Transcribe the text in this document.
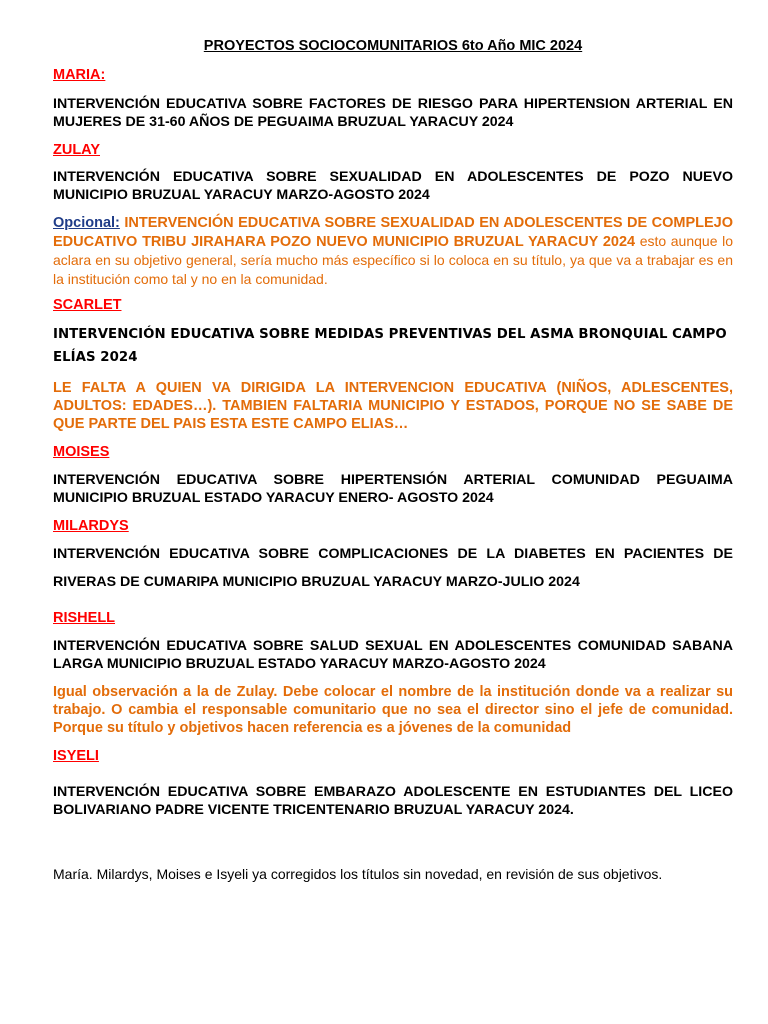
PROYECTOS SOCIOCOMUNITARIOS 6to Año MIC 2024

MARIA:

INTERVENCIÓN EDUCATIVA SOBRE FACTORES DE RIESGO PARA HIPERTENSION ARTERIAL EN MUJERES DE 31-60 AÑOS DE PEGUAIMA BRUZUAL YARACUY 2024

ZULAY

INTERVENCIÓN EDUCATIVA SOBRE SEXUALIDAD EN ADOLESCENTES DE POZO NUEVO MUNICIPIO BRUZUAL YARACUY MARZO-AGOSTO 2024

Opcional: INTERVENCIÓN EDUCATIVA SOBRE SEXUALIDAD EN ADOLESCENTES DE COMPLEJO EDUCATIVO TRIBU JIRAHARA POZO NUEVO MUNICIPIO BRUZUAL YARACUY 2024 esto aunque lo aclara en su objetivo general, sería mucho más específico si lo coloca en su título, ya que va a trabajar es en la institución como tal y no en la comunidad.

SCARLET

INTERVENCIÓN EDUCATIVA SOBRE MEDIDAS PREVENTIVAS DEL ASMA BRONQUIAL CAMPO ELÍAS 2024

LE FALTA A QUIEN VA DIRIGIDA LA INTERVENCION EDUCATIVA (NIÑOS, ADLESCENTES, ADULTOS: EDADES…). TAMBIEN FALTARIA MUNICIPIO Y ESTADOS, PORQUE NO SE SABE DE QUE PARTE DEL PAIS ESTA ESTE CAMPO ELIAS…

MOISES

INTERVENCIÓN EDUCATIVA SOBRE HIPERTENSIÓN ARTERIAL COMUNIDAD PEGUAIMA MUNICIPIO BRUZUAL ESTADO YARACUY ENERO- AGOSTO 2024

MILARDYS

INTERVENCIÓN EDUCATIVA SOBRE COMPLICACIONES DE LA DIABETES EN PACIENTES DE RIVERAS DE CUMARIPA MUNICIPIO BRUZUAL YARACUY MARZO-JULIO 2024

RISHELL

INTERVENCIÓN EDUCATIVA SOBRE SALUD SEXUAL EN ADOLESCENTES COMUNIDAD SABANA LARGA MUNICIPIO BRUZUAL ESTADO YARACUY MARZO-AGOSTO 2024

Igual observación a la de Zulay. Debe colocar el nombre de la institución donde va a realizar su trabajo. O cambia el responsable comunitario que no sea el director sino el jefe de comunidad. Porque su título y objetivos hacen referencia es a jóvenes de la comunidad

ISYELI

INTERVENCIÓN EDUCATIVA SOBRE EMBARAZO ADOLESCENTE EN ESTUDIANTES DEL LICEO BOLIVARIANO PADRE VICENTE TRICENTENARIO BRUZUAL YARACUY 2024.

María. Milardys, Moises e Isyeli ya corregidos los títulos sin novedad, en revisión de sus objetivos.
